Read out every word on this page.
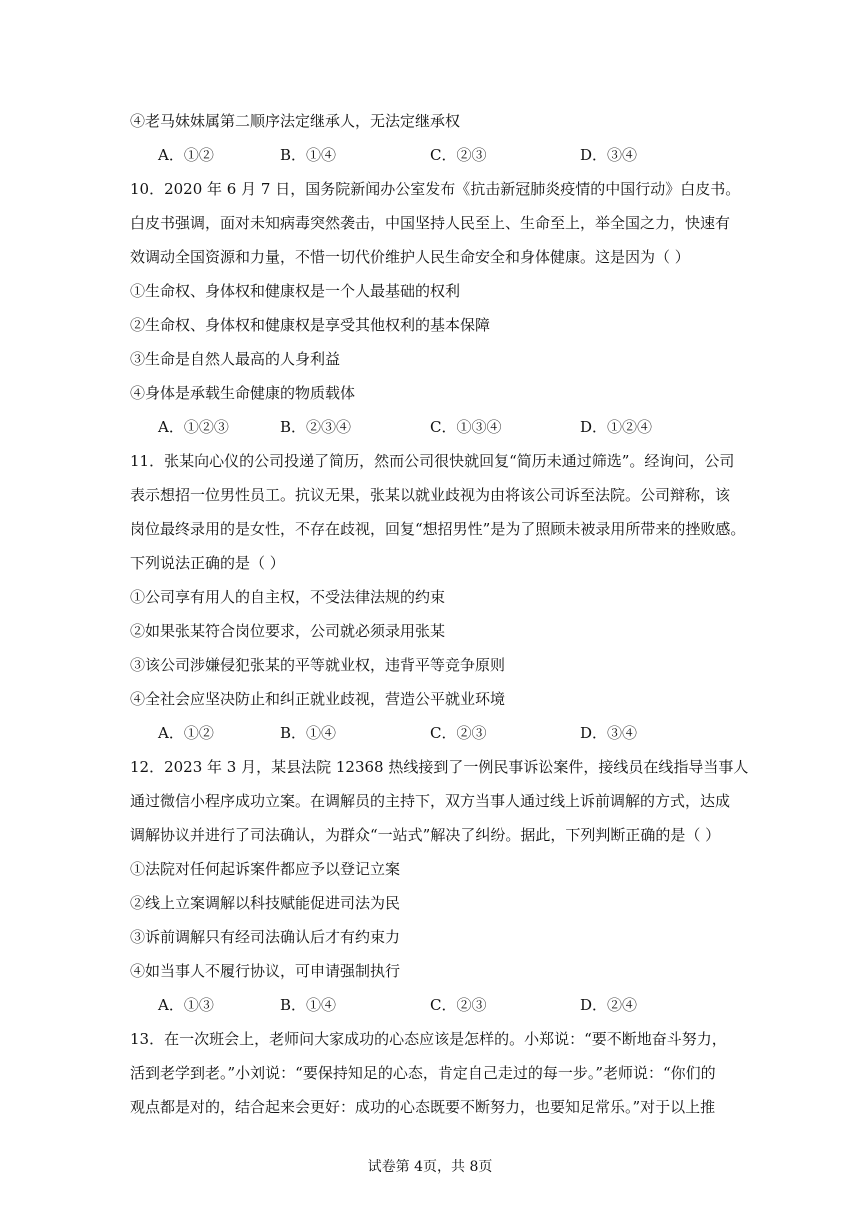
④老马妹妹属第二顺序法定继承人，无法定继承权
A．①②	B．①④	C．②③	D．③④
10．2020 年 6 月 7 日，国务院新闻办公室发布《抗击新冠肺炎疫情的中国行动》白皮书。
白皮书强调，面对未知病毒突然袭击，中国坚持人民至上、生命至上，举全国之力，快速有
效调动全国资源和力量，不惜一切代价维护人民生命安全和身体健康。这是因为（ ）
①生命权、身体权和健康权是一个人最基础的权利
②生命权、身体权和健康权是享受其他权利的基本保障
③生命是自然人最高的人身利益
④身体是承载生命健康的物质载体
A．①②③	B．②③④	C．①③④	D．①②④
11．张某向心仪的公司投递了简历，然而公司很快就回复“简历未通过筛选”。经询问，公司
表示想招一位男性员工。抗议无果，张某以就业歧视为由将该公司诉至法院。公司辩称，该
岗位最终录用的是女性，不存在歧视，回复“想招男性”是为了照顾未被录用所带来的挫败感。
下列说法正确的是（ ）
①公司享有用人的自主权，不受法律法规的约束
②如果张某符合岗位要求，公司就必须录用张某
③该公司涉嫌侵犯张某的平等就业权，违背平等竞争原则
④全社会应坚决防止和纠正就业歧视，营造公平就业环境
A．①②	B．①④	C．②③	D．③④
12．2023 年 3 月，某县法院 12368 热线接到了一例民事诉讼案件，接线员在线指导当事人
通过微信小程序成功立案。在调解员的主持下，双方当事人通过线上诉前调解的方式，达成
调解协议并进行了司法确认，为群众“一站式”解决了纠纷。据此，下列判断正确的是（ ）
①法院对任何起诉案件都应予以登记立案
②线上立案调解以科技赋能促进司法为民
③诉前调解只有经司法确认后才有约束力
④如当事人不履行协议，可申请强制执行
A．①③	B．①④	C．②③	D．②④
13．在一次班会上，老师问大家成功的心态应该是怎样的。小郑说：“要不断地奋斗努力，
活到老学到老。”小刘说：“要保持知足的心态，肯定自己走过的每一步。”老师说：“你们的
观点都是对的，结合起来会更好：成功的心态既要不断努力，也要知足常乐。”对于以上推
试卷第 4页，共 8页
